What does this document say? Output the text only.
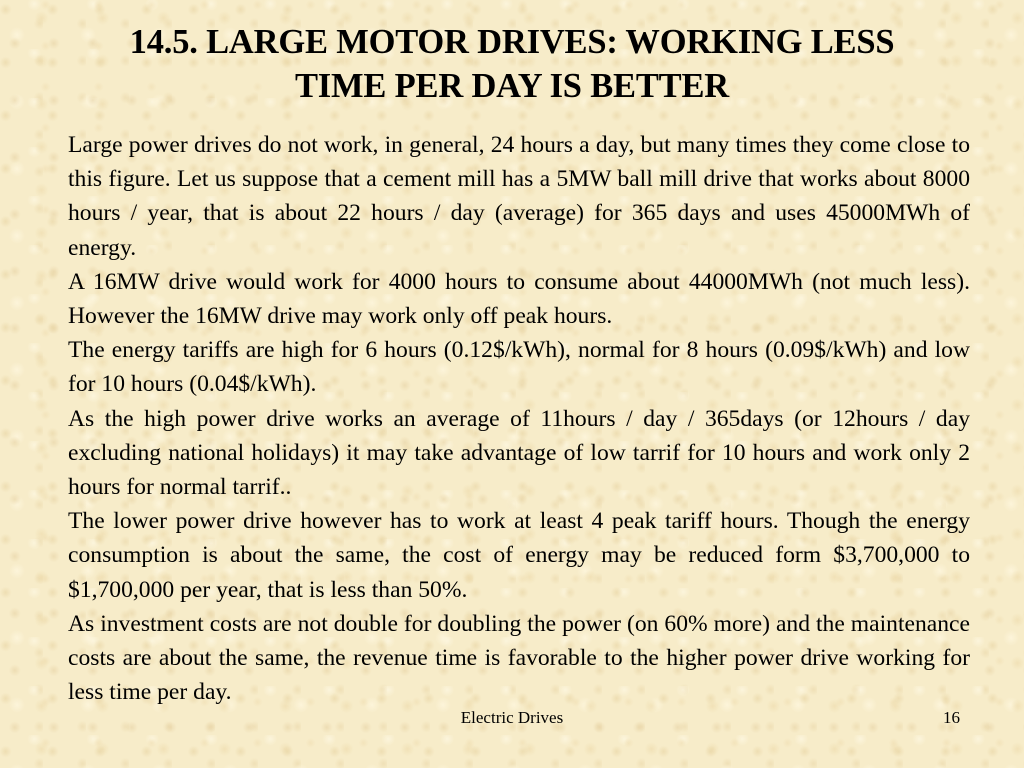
14.5. LARGE MOTOR DRIVES: WORKING LESS
TIME PER DAY IS BETTER

Large power drives do not work, in general, 24 hours a day, but many times they come close to this figure. Let us suppose that a cement mill has a 5MW ball mill drive that works about 8000 hours / year, that is about 22 hours / day (average) for 365 days and uses 45000MWh of energy.

A 16MW drive would work for 4000 hours to consume about 44000MWh (not much less). However the 16MW drive may work only off peak hours.

The energy tariffs are high for 6 hours (0.12$/kWh), normal for 8 hours (0.09$/kWh) and low for 10 hours (0.04$/kWh).

As the high power drive works an average of 11hours / day / 365days (or 12hours / day excluding national holidays) it may take advantage of low tarrif for 10 hours and work only 2 hours for normal tarrif..

The lower power drive however has to work at least 4 peak tariff hours. Though the energy consumption is about the same, the cost of energy may be reduced form $3,700,000 to $1,700,000 per year, that is less than 50%.

As investment costs are not double for doubling the power (on 60% more) and the maintenance costs are about the same, the revenue time is favorable to the higher power drive working for less time per day.

Electric Drives	16
